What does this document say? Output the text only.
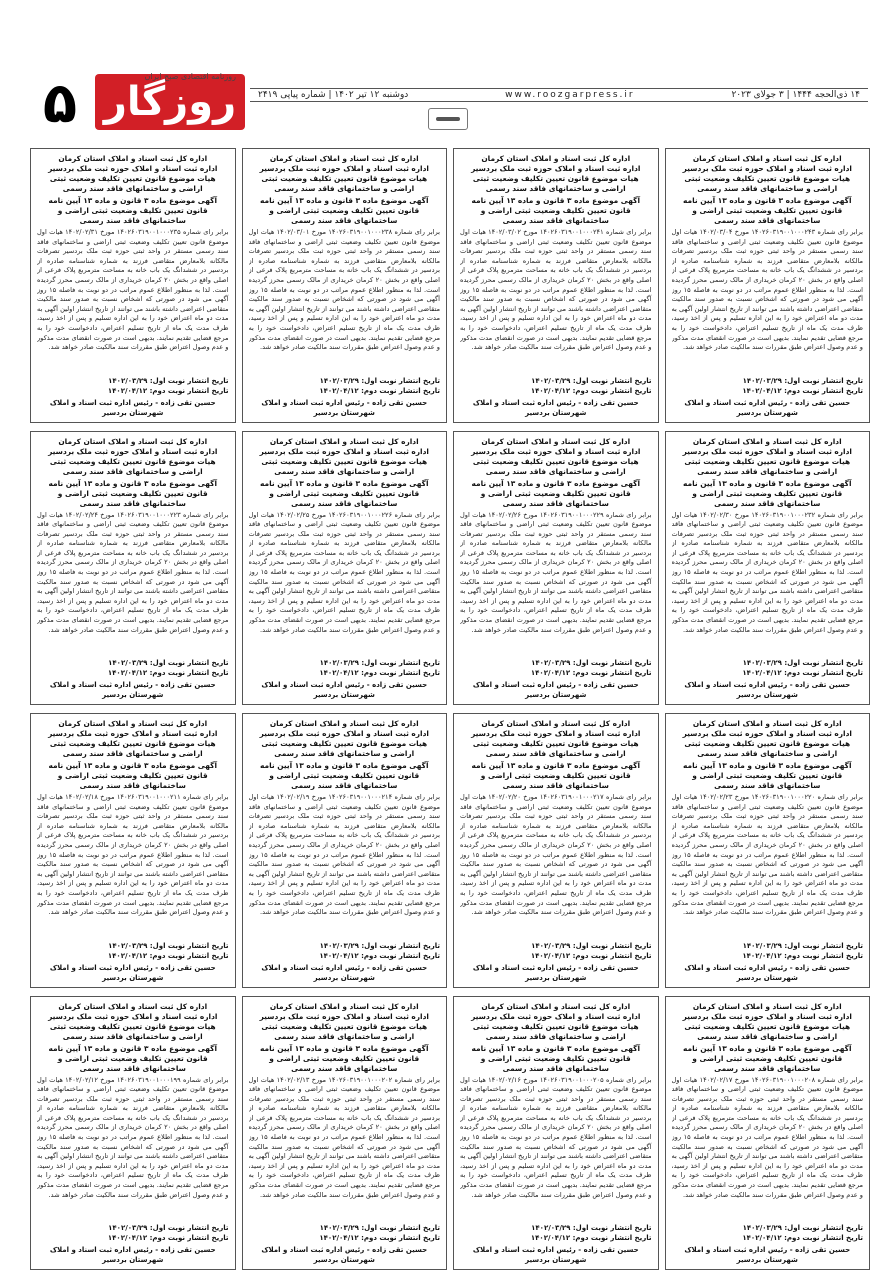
۵ روزگار
روزنامه اقتصادی صبح ایران
۱۴ ذی‌الحجه ۱۴۴۴ | ۳ جولای ۲۰۲۳
www.roozgarpress.ir
دوشنبه ۱۲ تیر ۱۴۰۲ | شماره پیاپی ۲۴۱۹
اداره کل ثبت اسناد و املاک استان کرمان
اداره ثبت اسناد و املاک حوزه ثبت ملک بردسیر
هیات موضوع قانون تعیین تکلیف وضعیت ثبتی اراضی و ساختمانهای فاقد سند رسمی
آگهی موضوع ماده ۳ قانون و ماده ۱۳ آیین نامه قانون تعیین تکلیف وضعیت ثبتی اراضی و ساختمانهای فاقد سند رسمی
برابر رای شماره ۱۴۰۲۶۰۳۱۹۰۰۱۰۰۰۲۴۳ مورخ ۱۴۰۲/۰۳/۰۴ هیات اول موضوع قانون تعیین تکلیف وضعیت ثبتی اراضی و ساختمانهای فاقد سند رسمی مستقر در واحد ثبتی حوزه ثبت ملک بردسیر تصرفات مالکانه بلامعارض متقاضی فرزند به شماره شناسنامه صادره از بردسیر در ششدانگ یک باب خانه به مساحت مترمربع پلاک فرعی از اصلی واقع در بخش ۲۰ کرمان خریداری از مالک رسمی محرز گردیده است. لذا به منظور اطلاع عموم مراتب در دو نوبت به فاصله ۱۵ روز آگهی می شود در صورتی که اشخاص نسبت به صدور سند مالکیت متقاضی اعتراضی داشته باشند می توانند از تاریخ انتشار اولین آگهی به مدت دو ماه اعتراض خود را به این اداره تسلیم و پس از اخذ رسید، ظرف مدت یک ماه از تاریخ تسلیم اعتراض، دادخواست خود را به مرجع قضایی تقدیم نمایند. بدیهی است در صورت انقضای مدت مذکور و عدم وصول اعتراض طبق مقررات سند مالکیت صادر خواهد شد.
تاریخ انتشار نوبت اول: ۱۴۰۲/۰۳/۲۹
تاریخ انتشار نوبت دوم: ۱۴۰۲/۰۴/۱۲
حسین تقی زاده - رئیس اداره ثبت اسناد و املاک شهرستان بردسیر
اداره کل ثبت اسناد و املاک استان کرمان
اداره ثبت اسناد و املاک حوزه ثبت ملک بردسیر
هیات موضوع قانون تعیین تکلیف وضعیت ثبتی اراضی و ساختمانهای فاقد سند رسمی
آگهی موضوع ماده ۳ قانون و ماده ۱۳ آیین نامه قانون تعیین تکلیف وضعیت ثبتی اراضی و ساختمانهای فاقد سند رسمی
برابر رای شماره ۱۴۰۲۶۰۳۱۹۰۰۱۰۰۰۲۴۱ مورخ ۱۴۰۲/۰۳/۰۲ هیات اول موضوع قانون تعیین تکلیف وضعیت ثبتی اراضی و ساختمانهای فاقد سند رسمی مستقر در واحد ثبتی حوزه ثبت ملک بردسیر تصرفات مالکانه بلامعارض متقاضی فرزند به شماره شناسنامه صادره از بردسیر در ششدانگ یک باب خانه به مساحت مترمربع پلاک فرعی از اصلی واقع در بخش ۲۰ کرمان خریداری از مالک رسمی محرز گردیده است. لذا به منظور اطلاع عموم مراتب در دو نوبت به فاصله ۱۵ روز آگهی می شود در صورتی که اشخاص نسبت به صدور سند مالکیت متقاضی اعتراضی داشته باشند می توانند از تاریخ انتشار اولین آگهی به مدت دو ماه اعتراض خود را به این اداره تسلیم و پس از اخذ رسید، ظرف مدت یک ماه از تاریخ تسلیم اعتراض، دادخواست خود را به مرجع قضایی تقدیم نمایند. بدیهی است در صورت انقضای مدت مذکور و عدم وصول اعتراض طبق مقررات سند مالکیت صادر خواهد شد.
تاریخ انتشار نوبت اول: ۱۴۰۲/۰۳/۲۹
تاریخ انتشار نوبت دوم: ۱۴۰۲/۰۴/۱۲
حسین تقی زاده - رئیس اداره ثبت اسناد و املاک شهرستان بردسیر
اداره کل ثبت اسناد و املاک استان کرمان
اداره ثبت اسناد و املاک حوزه ثبت ملک بردسیر
هیات موضوع قانون تعیین تکلیف وضعیت ثبتی اراضی و ساختمانهای فاقد سند رسمی
آگهی موضوع ماده ۳ قانون و ماده ۱۳ آیین نامه قانون تعیین تکلیف وضعیت ثبتی اراضی و ساختمانهای فاقد سند رسمی
برابر رای شماره ۱۴۰۲۶۰۳۱۹۰۰۱۰۰۰۲۳۸ مورخ ۱۴۰۲/۰۳/۰۱ هیات اول موضوع قانون تعیین تکلیف وضعیت ثبتی اراضی و ساختمانهای فاقد سند رسمی مستقر در واحد ثبتی حوزه ثبت ملک بردسیر تصرفات مالکانه بلامعارض متقاضی فرزند به شماره شناسنامه صادره از بردسیر در ششدانگ یک باب خانه به مساحت مترمربع پلاک فرعی از اصلی واقع در بخش ۲۰ کرمان خریداری از مالک رسمی محرز گردیده است. لذا به منظور اطلاع عموم مراتب در دو نوبت به فاصله ۱۵ روز آگهی می شود در صورتی که اشخاص نسبت به صدور سند مالکیت متقاضی اعتراضی داشته باشند می توانند از تاریخ انتشار اولین آگهی به مدت دو ماه اعتراض خود را به این اداره تسلیم و پس از اخذ رسید، ظرف مدت یک ماه از تاریخ تسلیم اعتراض، دادخواست خود را به مرجع قضایی تقدیم نمایند. بدیهی است در صورت انقضای مدت مذکور و عدم وصول اعتراض طبق مقررات سند مالکیت صادر خواهد شد.
تاریخ انتشار نوبت اول: ۱۴۰۲/۰۳/۲۹
تاریخ انتشار نوبت دوم: ۱۴۰۲/۰۴/۱۲
حسین تقی زاده - رئیس اداره ثبت اسناد و املاک شهرستان بردسیر
اداره کل ثبت اسناد و املاک استان کرمان
اداره ثبت اسناد و املاک حوزه ثبت ملک بردسیر
هیات موضوع قانون تعیین تکلیف وضعیت ثبتی اراضی و ساختمانهای فاقد سند رسمی
آگهی موضوع ماده ۳ قانون و ماده ۱۳ آیین نامه قانون تعیین تکلیف وضعیت ثبتی اراضی و ساختمانهای فاقد سند رسمی
برابر رای شماره ۱۴۰۲۶۰۳۱۹۰۰۱۰۰۰۲۳۵ مورخ ۱۴۰۲/۰۲/۳۱ هیات اول موضوع قانون تعیین تکلیف وضعیت ثبتی اراضی و ساختمانهای فاقد سند رسمی مستقر در واحد ثبتی حوزه ثبت ملک بردسیر تصرفات مالکانه بلامعارض متقاضی فرزند به شماره شناسنامه صادره از بردسیر در ششدانگ یک باب خانه به مساحت مترمربع پلاک فرعی از اصلی واقع در بخش ۲۰ کرمان خریداری از مالک رسمی محرز گردیده است. لذا به منظور اطلاع عموم مراتب در دو نوبت به فاصله ۱۵ روز آگهی می شود در صورتی که اشخاص نسبت به صدور سند مالکیت متقاضی اعتراضی داشته باشند می توانند از تاریخ انتشار اولین آگهی به مدت دو ماه اعتراض خود را به این اداره تسلیم و پس از اخذ رسید، ظرف مدت یک ماه از تاریخ تسلیم اعتراض، دادخواست خود را به مرجع قضایی تقدیم نمایند. بدیهی است در صورت انقضای مدت مذکور و عدم وصول اعتراض طبق مقررات سند مالکیت صادر خواهد شد.
تاریخ انتشار نوبت اول: ۱۴۰۲/۰۳/۲۹
تاریخ انتشار نوبت دوم: ۱۴۰۲/۰۴/۱۲
حسین تقی زاده - رئیس اداره ثبت اسناد و املاک شهرستان بردسیر
اداره کل ثبت اسناد و املاک استان کرمان
اداره ثبت اسناد و املاک حوزه ثبت ملک بردسیر
هیات موضوع قانون تعیین تکلیف وضعیت ثبتی اراضی و ساختمانهای فاقد سند رسمی
آگهی موضوع ماده ۳ قانون و ماده ۱۳ آیین نامه قانون تعیین تکلیف وضعیت ثبتی اراضی و ساختمانهای فاقد سند رسمی
برابر رای شماره ۱۴۰۲۶۰۳۱۹۰۰۱۰۰۰۲۳۲ مورخ ۱۴۰۲/۰۲/۳۰ هیات اول موضوع قانون تعیین تکلیف وضعیت ثبتی اراضی و ساختمانهای فاقد سند رسمی مستقر در واحد ثبتی حوزه ثبت ملک بردسیر تصرفات مالکانه بلامعارض متقاضی فرزند به شماره شناسنامه صادره از بردسیر در ششدانگ یک باب خانه به مساحت مترمربع پلاک فرعی از اصلی واقع در بخش ۲۰ کرمان خریداری از مالک رسمی محرز گردیده است. لذا به منظور اطلاع عموم مراتب در دو نوبت به فاصله ۱۵ روز آگهی می شود در صورتی که اشخاص نسبت به صدور سند مالکیت متقاضی اعتراضی داشته باشند می توانند از تاریخ انتشار اولین آگهی به مدت دو ماه اعتراض خود را به این اداره تسلیم و پس از اخذ رسید، ظرف مدت یک ماه از تاریخ تسلیم اعتراض، دادخواست خود را به مرجع قضایی تقدیم نمایند. بدیهی است در صورت انقضای مدت مذکور و عدم وصول اعتراض طبق مقررات سند مالکیت صادر خواهد شد.
تاریخ انتشار نوبت اول: ۱۴۰۲/۰۳/۲۹
تاریخ انتشار نوبت دوم: ۱۴۰۲/۰۴/۱۲
حسین تقی زاده - رئیس اداره ثبت اسناد و املاک شهرستان بردسیر
اداره کل ثبت اسناد و املاک استان کرمان
اداره ثبت اسناد و املاک حوزه ثبت ملک بردسیر
هیات موضوع قانون تعیین تکلیف وضعیت ثبتی اراضی و ساختمانهای فاقد سند رسمی
آگهی موضوع ماده ۳ قانون و ماده ۱۳ آیین نامه قانون تعیین تکلیف وضعیت ثبتی اراضی و ساختمانهای فاقد سند رسمی
برابر رای شماره ۱۴۰۲۶۰۳۱۹۰۰۱۰۰۰۲۲۹ مورخ ۱۴۰۲/۰۲/۲۶ هیات اول موضوع قانون تعیین تکلیف وضعیت ثبتی اراضی و ساختمانهای فاقد سند رسمی مستقر در واحد ثبتی حوزه ثبت ملک بردسیر تصرفات مالکانه بلامعارض متقاضی فرزند به شماره شناسنامه صادره از بردسیر در ششدانگ یک باب خانه به مساحت مترمربع پلاک فرعی از اصلی واقع در بخش ۲۰ کرمان خریداری از مالک رسمی محرز گردیده است. لذا به منظور اطلاع عموم مراتب در دو نوبت به فاصله ۱۵ روز آگهی می شود در صورتی که اشخاص نسبت به صدور سند مالکیت متقاضی اعتراضی داشته باشند می توانند از تاریخ انتشار اولین آگهی به مدت دو ماه اعتراض خود را به این اداره تسلیم و پس از اخذ رسید، ظرف مدت یک ماه از تاریخ تسلیم اعتراض، دادخواست خود را به مرجع قضایی تقدیم نمایند. بدیهی است در صورت انقضای مدت مذکور و عدم وصول اعتراض طبق مقررات سند مالکیت صادر خواهد شد.
تاریخ انتشار نوبت اول: ۱۴۰۲/۰۳/۲۹
تاریخ انتشار نوبت دوم: ۱۴۰۲/۰۴/۱۲
حسین تقی زاده - رئیس اداره ثبت اسناد و املاک شهرستان بردسیر
اداره کل ثبت اسناد و املاک استان کرمان
اداره ثبت اسناد و املاک حوزه ثبت ملک بردسیر
هیات موضوع قانون تعیین تکلیف وضعیت ثبتی اراضی و ساختمانهای فاقد سند رسمی
آگهی موضوع ماده ۳ قانون و ماده ۱۳ آیین نامه قانون تعیین تکلیف وضعیت ثبتی اراضی و ساختمانهای فاقد سند رسمی
برابر رای شماره ۱۴۰۲۶۰۳۱۹۰۰۱۰۰۰۲۲۶ مورخ ۱۴۰۲/۰۲/۲۵ هیات اول موضوع قانون تعیین تکلیف وضعیت ثبتی اراضی و ساختمانهای فاقد سند رسمی مستقر در واحد ثبتی حوزه ثبت ملک بردسیر تصرفات مالکانه بلامعارض متقاضی فرزند به شماره شناسنامه صادره از بردسیر در ششدانگ یک باب خانه به مساحت مترمربع پلاک فرعی از اصلی واقع در بخش ۲۰ کرمان خریداری از مالک رسمی محرز گردیده است. لذا به منظور اطلاع عموم مراتب در دو نوبت به فاصله ۱۵ روز آگهی می شود در صورتی که اشخاص نسبت به صدور سند مالکیت متقاضی اعتراضی داشته باشند می توانند از تاریخ انتشار اولین آگهی به مدت دو ماه اعتراض خود را به این اداره تسلیم و پس از اخذ رسید، ظرف مدت یک ماه از تاریخ تسلیم اعتراض، دادخواست خود را به مرجع قضایی تقدیم نمایند. بدیهی است در صورت انقضای مدت مذکور و عدم وصول اعتراض طبق مقررات سند مالکیت صادر خواهد شد.
تاریخ انتشار نوبت اول: ۱۴۰۲/۰۳/۲۹
تاریخ انتشار نوبت دوم: ۱۴۰۲/۰۴/۱۲
حسین تقی زاده - رئیس اداره ثبت اسناد و املاک شهرستان بردسیر
اداره کل ثبت اسناد و املاک استان کرمان
اداره ثبت اسناد و املاک حوزه ثبت ملک بردسیر
هیات موضوع قانون تعیین تکلیف وضعیت ثبتی اراضی و ساختمانهای فاقد سند رسمی
آگهی موضوع ماده ۳ قانون و ماده ۱۳ آیین نامه قانون تعیین تکلیف وضعیت ثبتی اراضی و ساختمانهای فاقد سند رسمی
برابر رای شماره ۱۴۰۲۶۰۳۱۹۰۰۱۰۰۰۲۲۳ مورخ ۱۴۰۲/۰۲/۲۴ هیات اول موضوع قانون تعیین تکلیف وضعیت ثبتی اراضی و ساختمانهای فاقد سند رسمی مستقر در واحد ثبتی حوزه ثبت ملک بردسیر تصرفات مالکانه بلامعارض متقاضی فرزند به شماره شناسنامه صادره از بردسیر در ششدانگ یک باب خانه به مساحت مترمربع پلاک فرعی از اصلی واقع در بخش ۲۰ کرمان خریداری از مالک رسمی محرز گردیده است. لذا به منظور اطلاع عموم مراتب در دو نوبت به فاصله ۱۵ روز آگهی می شود در صورتی که اشخاص نسبت به صدور سند مالکیت متقاضی اعتراضی داشته باشند می توانند از تاریخ انتشار اولین آگهی به مدت دو ماه اعتراض خود را به این اداره تسلیم و پس از اخذ رسید، ظرف مدت یک ماه از تاریخ تسلیم اعتراض، دادخواست خود را به مرجع قضایی تقدیم نمایند. بدیهی است در صورت انقضای مدت مذکور و عدم وصول اعتراض طبق مقررات سند مالکیت صادر خواهد شد.
تاریخ انتشار نوبت اول: ۱۴۰۲/۰۳/۲۹
تاریخ انتشار نوبت دوم: ۱۴۰۲/۰۴/۱۲
حسین تقی زاده - رئیس اداره ثبت اسناد و املاک شهرستان بردسیر
اداره کل ثبت اسناد و املاک استان کرمان
اداره ثبت اسناد و املاک حوزه ثبت ملک بردسیر
هیات موضوع قانون تعیین تکلیف وضعیت ثبتی اراضی و ساختمانهای فاقد سند رسمی
آگهی موضوع ماده ۳ قانون و ماده ۱۳ آیین نامه قانون تعیین تکلیف وضعیت ثبتی اراضی و ساختمانهای فاقد سند رسمی
برابر رای شماره ۱۴۰۲۶۰۳۱۹۰۰۱۰۰۰۲۲۰ مورخ ۱۴۰۲/۰۲/۲۳ هیات اول موضوع قانون تعیین تکلیف وضعیت ثبتی اراضی و ساختمانهای فاقد سند رسمی مستقر در واحد ثبتی حوزه ثبت ملک بردسیر تصرفات مالکانه بلامعارض متقاضی فرزند به شماره شناسنامه صادره از بردسیر در ششدانگ یک باب خانه به مساحت مترمربع پلاک فرعی از اصلی واقع در بخش ۲۰ کرمان خریداری از مالک رسمی محرز گردیده است. لذا به منظور اطلاع عموم مراتب در دو نوبت به فاصله ۱۵ روز آگهی می شود در صورتی که اشخاص نسبت به صدور سند مالکیت متقاضی اعتراضی داشته باشند می توانند از تاریخ انتشار اولین آگهی به مدت دو ماه اعتراض خود را به این اداره تسلیم و پس از اخذ رسید، ظرف مدت یک ماه از تاریخ تسلیم اعتراض، دادخواست خود را به مرجع قضایی تقدیم نمایند. بدیهی است در صورت انقضای مدت مذکور و عدم وصول اعتراض طبق مقررات سند مالکیت صادر خواهد شد.
تاریخ انتشار نوبت اول: ۱۴۰۲/۰۳/۲۹
تاریخ انتشار نوبت دوم: ۱۴۰۲/۰۴/۱۲
حسین تقی زاده - رئیس اداره ثبت اسناد و املاک شهرستان بردسیر
اداره کل ثبت اسناد و املاک استان کرمان
اداره ثبت اسناد و املاک حوزه ثبت ملک بردسیر
هیات موضوع قانون تعیین تکلیف وضعیت ثبتی اراضی و ساختمانهای فاقد سند رسمی
آگهی موضوع ماده ۳ قانون و ماده ۱۳ آیین نامه قانون تعیین تکلیف وضعیت ثبتی اراضی و ساختمانهای فاقد سند رسمی
برابر رای شماره ۱۴۰۲۶۰۳۱۹۰۰۱۰۰۰۲۱۷ مورخ ۱۴۰۲/۰۲/۲۰ هیات اول موضوع قانون تعیین تکلیف وضعیت ثبتی اراضی و ساختمانهای فاقد سند رسمی مستقر در واحد ثبتی حوزه ثبت ملک بردسیر تصرفات مالکانه بلامعارض متقاضی فرزند به شماره شناسنامه صادره از بردسیر در ششدانگ یک باب خانه به مساحت مترمربع پلاک فرعی از اصلی واقع در بخش ۲۰ کرمان خریداری از مالک رسمی محرز گردیده است. لذا به منظور اطلاع عموم مراتب در دو نوبت به فاصله ۱۵ روز آگهی می شود در صورتی که اشخاص نسبت به صدور سند مالکیت متقاضی اعتراضی داشته باشند می توانند از تاریخ انتشار اولین آگهی به مدت دو ماه اعتراض خود را به این اداره تسلیم و پس از اخذ رسید، ظرف مدت یک ماه از تاریخ تسلیم اعتراض، دادخواست خود را به مرجع قضایی تقدیم نمایند. بدیهی است در صورت انقضای مدت مذکور و عدم وصول اعتراض طبق مقررات سند مالکیت صادر خواهد شد.
تاریخ انتشار نوبت اول: ۱۴۰۲/۰۳/۲۹
تاریخ انتشار نوبت دوم: ۱۴۰۲/۰۴/۱۲
حسین تقی زاده - رئیس اداره ثبت اسناد و املاک شهرستان بردسیر
اداره کل ثبت اسناد و املاک استان کرمان
اداره ثبت اسناد و املاک حوزه ثبت ملک بردسیر
هیات موضوع قانون تعیین تکلیف وضعیت ثبتی اراضی و ساختمانهای فاقد سند رسمی
آگهی موضوع ماده ۳ قانون و ماده ۱۳ آیین نامه قانون تعیین تکلیف وضعیت ثبتی اراضی و ساختمانهای فاقد سند رسمی
برابر رای شماره ۱۴۰۲۶۰۳۱۹۰۰۱۰۰۰۲۱۴ مورخ ۱۴۰۲/۰۲/۱۹ هیات اول موضوع قانون تعیین تکلیف وضعیت ثبتی اراضی و ساختمانهای فاقد سند رسمی مستقر در واحد ثبتی حوزه ثبت ملک بردسیر تصرفات مالکانه بلامعارض متقاضی فرزند به شماره شناسنامه صادره از بردسیر در ششدانگ یک باب خانه به مساحت مترمربع پلاک فرعی از اصلی واقع در بخش ۲۰ کرمان خریداری از مالک رسمی محرز گردیده است. لذا به منظور اطلاع عموم مراتب در دو نوبت به فاصله ۱۵ روز آگهی می شود در صورتی که اشخاص نسبت به صدور سند مالکیت متقاضی اعتراضی داشته باشند می توانند از تاریخ انتشار اولین آگهی به مدت دو ماه اعتراض خود را به این اداره تسلیم و پس از اخذ رسید، ظرف مدت یک ماه از تاریخ تسلیم اعتراض، دادخواست خود را به مرجع قضایی تقدیم نمایند. بدیهی است در صورت انقضای مدت مذکور و عدم وصول اعتراض طبق مقررات سند مالکیت صادر خواهد شد.
تاریخ انتشار نوبت اول: ۱۴۰۲/۰۳/۲۹
تاریخ انتشار نوبت دوم: ۱۴۰۲/۰۴/۱۲
حسین تقی زاده - رئیس اداره ثبت اسناد و املاک شهرستان بردسیر
اداره کل ثبت اسناد و املاک استان کرمان
اداره ثبت اسناد و املاک حوزه ثبت ملک بردسیر
هیات موضوع قانون تعیین تکلیف وضعیت ثبتی اراضی و ساختمانهای فاقد سند رسمی
آگهی موضوع ماده ۳ قانون و ماده ۱۳ آیین نامه قانون تعیین تکلیف وضعیت ثبتی اراضی و ساختمانهای فاقد سند رسمی
برابر رای شماره ۱۴۰۲۶۰۳۱۹۰۰۱۰۰۰۲۱۱ مورخ ۱۴۰۲/۰۲/۱۸ هیات اول موضوع قانون تعیین تکلیف وضعیت ثبتی اراضی و ساختمانهای فاقد سند رسمی مستقر در واحد ثبتی حوزه ثبت ملک بردسیر تصرفات مالکانه بلامعارض متقاضی فرزند به شماره شناسنامه صادره از بردسیر در ششدانگ یک باب خانه به مساحت مترمربع پلاک فرعی از اصلی واقع در بخش ۲۰ کرمان خریداری از مالک رسمی محرز گردیده است. لذا به منظور اطلاع عموم مراتب در دو نوبت به فاصله ۱۵ روز آگهی می شود در صورتی که اشخاص نسبت به صدور سند مالکیت متقاضی اعتراضی داشته باشند می توانند از تاریخ انتشار اولین آگهی به مدت دو ماه اعتراض خود را به این اداره تسلیم و پس از اخذ رسید، ظرف مدت یک ماه از تاریخ تسلیم اعتراض، دادخواست خود را به مرجع قضایی تقدیم نمایند. بدیهی است در صورت انقضای مدت مذکور و عدم وصول اعتراض طبق مقررات سند مالکیت صادر خواهد شد.
تاریخ انتشار نوبت اول: ۱۴۰۲/۰۳/۲۹
تاریخ انتشار نوبت دوم: ۱۴۰۲/۰۴/۱۲
حسین تقی زاده - رئیس اداره ثبت اسناد و املاک شهرستان بردسیر
اداره کل ثبت اسناد و املاک استان کرمان
اداره ثبت اسناد و املاک حوزه ثبت ملک بردسیر
هیات موضوع قانون تعیین تکلیف وضعیت ثبتی اراضی و ساختمانهای فاقد سند رسمی
آگهی موضوع ماده ۳ قانون و ماده ۱۳ آیین نامه قانون تعیین تکلیف وضعیت ثبتی اراضی و ساختمانهای فاقد سند رسمی
برابر رای شماره ۱۴۰۲۶۰۳۱۹۰۰۱۰۰۰۲۰۸ مورخ ۱۴۰۲/۰۲/۱۷ هیات اول موضوع قانون تعیین تکلیف وضعیت ثبتی اراضی و ساختمانهای فاقد سند رسمی مستقر در واحد ثبتی حوزه ثبت ملک بردسیر تصرفات مالکانه بلامعارض متقاضی فرزند به شماره شناسنامه صادره از بردسیر در ششدانگ یک باب خانه به مساحت مترمربع پلاک فرعی از اصلی واقع در بخش ۲۰ کرمان خریداری از مالک رسمی محرز گردیده است. لذا به منظور اطلاع عموم مراتب در دو نوبت به فاصله ۱۵ روز آگهی می شود در صورتی که اشخاص نسبت به صدور سند مالکیت متقاضی اعتراضی داشته باشند می توانند از تاریخ انتشار اولین آگهی به مدت دو ماه اعتراض خود را به این اداره تسلیم و پس از اخذ رسید، ظرف مدت یک ماه از تاریخ تسلیم اعتراض، دادخواست خود را به مرجع قضایی تقدیم نمایند. بدیهی است در صورت انقضای مدت مذکور و عدم وصول اعتراض طبق مقررات سند مالکیت صادر خواهد شد.
تاریخ انتشار نوبت اول: ۱۴۰۲/۰۳/۲۹
تاریخ انتشار نوبت دوم: ۱۴۰۲/۰۴/۱۲
حسین تقی زاده - رئیس اداره ثبت اسناد و املاک شهرستان بردسیر
اداره کل ثبت اسناد و املاک استان کرمان
اداره ثبت اسناد و املاک حوزه ثبت ملک بردسیر
هیات موضوع قانون تعیین تکلیف وضعیت ثبتی اراضی و ساختمانهای فاقد سند رسمی
آگهی موضوع ماده ۳ قانون و ماده ۱۳ آیین نامه قانون تعیین تکلیف وضعیت ثبتی اراضی و ساختمانهای فاقد سند رسمی
برابر رای شماره ۱۴۰۲۶۰۳۱۹۰۰۱۰۰۰۲۰۵ مورخ ۱۴۰۲/۰۲/۱۶ هیات اول موضوع قانون تعیین تکلیف وضعیت ثبتی اراضی و ساختمانهای فاقد سند رسمی مستقر در واحد ثبتی حوزه ثبت ملک بردسیر تصرفات مالکانه بلامعارض متقاضی فرزند به شماره شناسنامه صادره از بردسیر در ششدانگ یک باب خانه به مساحت مترمربع پلاک فرعی از اصلی واقع در بخش ۲۰ کرمان خریداری از مالک رسمی محرز گردیده است. لذا به منظور اطلاع عموم مراتب در دو نوبت به فاصله ۱۵ روز آگهی می شود در صورتی که اشخاص نسبت به صدور سند مالکیت متقاضی اعتراضی داشته باشند می توانند از تاریخ انتشار اولین آگهی به مدت دو ماه اعتراض خود را به این اداره تسلیم و پس از اخذ رسید، ظرف مدت یک ماه از تاریخ تسلیم اعتراض، دادخواست خود را به مرجع قضایی تقدیم نمایند. بدیهی است در صورت انقضای مدت مذکور و عدم وصول اعتراض طبق مقررات سند مالکیت صادر خواهد شد.
تاریخ انتشار نوبت اول: ۱۴۰۲/۰۳/۲۹
تاریخ انتشار نوبت دوم: ۱۴۰۲/۰۴/۱۲
حسین تقی زاده - رئیس اداره ثبت اسناد و املاک شهرستان بردسیر
اداره کل ثبت اسناد و املاک استان کرمان
اداره ثبت اسناد و املاک حوزه ثبت ملک بردسیر
هیات موضوع قانون تعیین تکلیف وضعیت ثبتی اراضی و ساختمانهای فاقد سند رسمی
آگهی موضوع ماده ۳ قانون و ماده ۱۳ آیین نامه قانون تعیین تکلیف وضعیت ثبتی اراضی و ساختمانهای فاقد سند رسمی
برابر رای شماره ۱۴۰۲۶۰۳۱۹۰۰۱۰۰۰۲۰۲ مورخ ۱۴۰۲/۰۲/۱۳ هیات اول موضوع قانون تعیین تکلیف وضعیت ثبتی اراضی و ساختمانهای فاقد سند رسمی مستقر در واحد ثبتی حوزه ثبت ملک بردسیر تصرفات مالکانه بلامعارض متقاضی فرزند به شماره شناسنامه صادره از بردسیر در ششدانگ یک باب خانه به مساحت مترمربع پلاک فرعی از اصلی واقع در بخش ۲۰ کرمان خریداری از مالک رسمی محرز گردیده است. لذا به منظور اطلاع عموم مراتب در دو نوبت به فاصله ۱۵ روز آگهی می شود در صورتی که اشخاص نسبت به صدور سند مالکیت متقاضی اعتراضی داشته باشند می توانند از تاریخ انتشار اولین آگهی به مدت دو ماه اعتراض خود را به این اداره تسلیم و پس از اخذ رسید، ظرف مدت یک ماه از تاریخ تسلیم اعتراض، دادخواست خود را به مرجع قضایی تقدیم نمایند. بدیهی است در صورت انقضای مدت مذکور و عدم وصول اعتراض طبق مقررات سند مالکیت صادر خواهد شد.
تاریخ انتشار نوبت اول: ۱۴۰۲/۰۳/۲۹
تاریخ انتشار نوبت دوم: ۱۴۰۲/۰۴/۱۲
حسین تقی زاده - رئیس اداره ثبت اسناد و املاک شهرستان بردسیر
اداره کل ثبت اسناد و املاک استان کرمان
اداره ثبت اسناد و املاک حوزه ثبت ملک بردسیر
هیات موضوع قانون تعیین تکلیف وضعیت ثبتی اراضی و ساختمانهای فاقد سند رسمی
آگهی موضوع ماده ۳ قانون و ماده ۱۳ آیین نامه قانون تعیین تکلیف وضعیت ثبتی اراضی و ساختمانهای فاقد سند رسمی
برابر رای شماره ۱۴۰۲۶۰۳۱۹۰۰۱۰۰۰۱۹۹ مورخ ۱۴۰۲/۰۲/۱۲ هیات اول موضوع قانون تعیین تکلیف وضعیت ثبتی اراضی و ساختمانهای فاقد سند رسمی مستقر در واحد ثبتی حوزه ثبت ملک بردسیر تصرفات مالکانه بلامعارض متقاضی فرزند به شماره شناسنامه صادره از بردسیر در ششدانگ یک باب خانه به مساحت مترمربع پلاک فرعی از اصلی واقع در بخش ۲۰ کرمان خریداری از مالک رسمی محرز گردیده است. لذا به منظور اطلاع عموم مراتب در دو نوبت به فاصله ۱۵ روز آگهی می شود در صورتی که اشخاص نسبت به صدور سند مالکیت متقاضی اعتراضی داشته باشند می توانند از تاریخ انتشار اولین آگهی به مدت دو ماه اعتراض خود را به این اداره تسلیم و پس از اخذ رسید، ظرف مدت یک ماه از تاریخ تسلیم اعتراض، دادخواست خود را به مرجع قضایی تقدیم نمایند. بدیهی است در صورت انقضای مدت مذکور و عدم وصول اعتراض طبق مقررات سند مالکیت صادر خواهد شد.
تاریخ انتشار نوبت اول: ۱۴۰۲/۰۳/۲۹
تاریخ انتشار نوبت دوم: ۱۴۰۲/۰۴/۱۲
حسین تقی زاده - رئیس اداره ثبت اسناد و املاک شهرستان بردسیر
